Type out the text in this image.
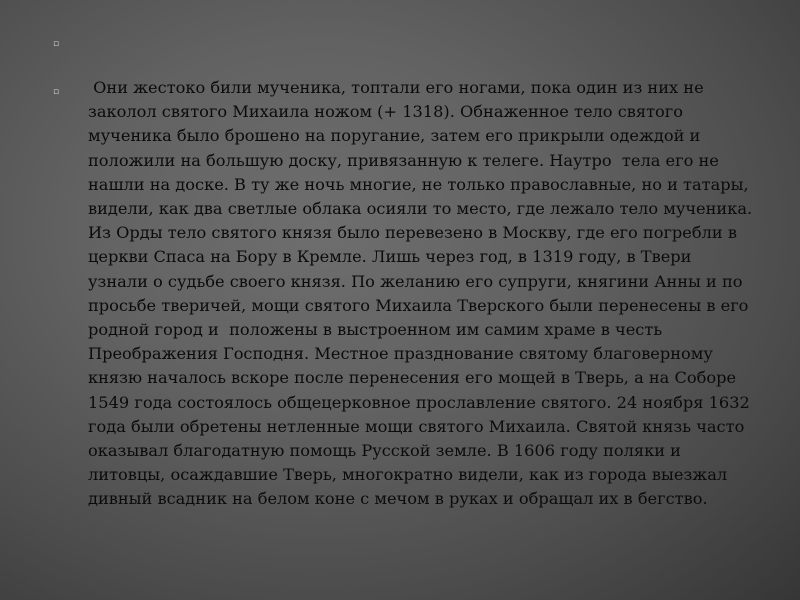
▫
▫ Они жестоко били мученика, топтали его ногами, пока один из них не заколол святого Михаила ножом (+ 1318). Обнаженное тело святого мученика было брошено на поругание, затем его прикрыли одеждой и положили на большую доску, привязанную к телеге. Наутро  тела его не нашли на доске. В ту же ночь многие, не только православные, но и татары, видели, как два светлые облака осияли то место, где лежало тело мученика. Из Орды тело святого князя было перевезено в Москву, где его погребли в церкви Спаса на Бору в Кремле. Лишь через год, в 1319 году, в Твери узнали о судьбе своего князя. По желанию его супруги, княгини Анны и по просьбе тверичей, мощи святого Михаила Тверского были перенесены в его родной город и  положены в выстроенном им самим храме в честь Преображения Господня. Местное празднование святому благоверному князю началось вскоре после перенесения его мощей в Тверь, а на Соборе 1549 года состоялось общецерковное прославление святого. 24 ноября 1632 года были обретены нетленные мощи святого Михаила. Святой князь часто оказывал благодатную помощь Русской земле. В 1606 году поляки и литовцы, осаждавшие Тверь, многократно видели, как из города выезжал дивный всадник на белом коне с мечом в руках и обращал их в бегство.
